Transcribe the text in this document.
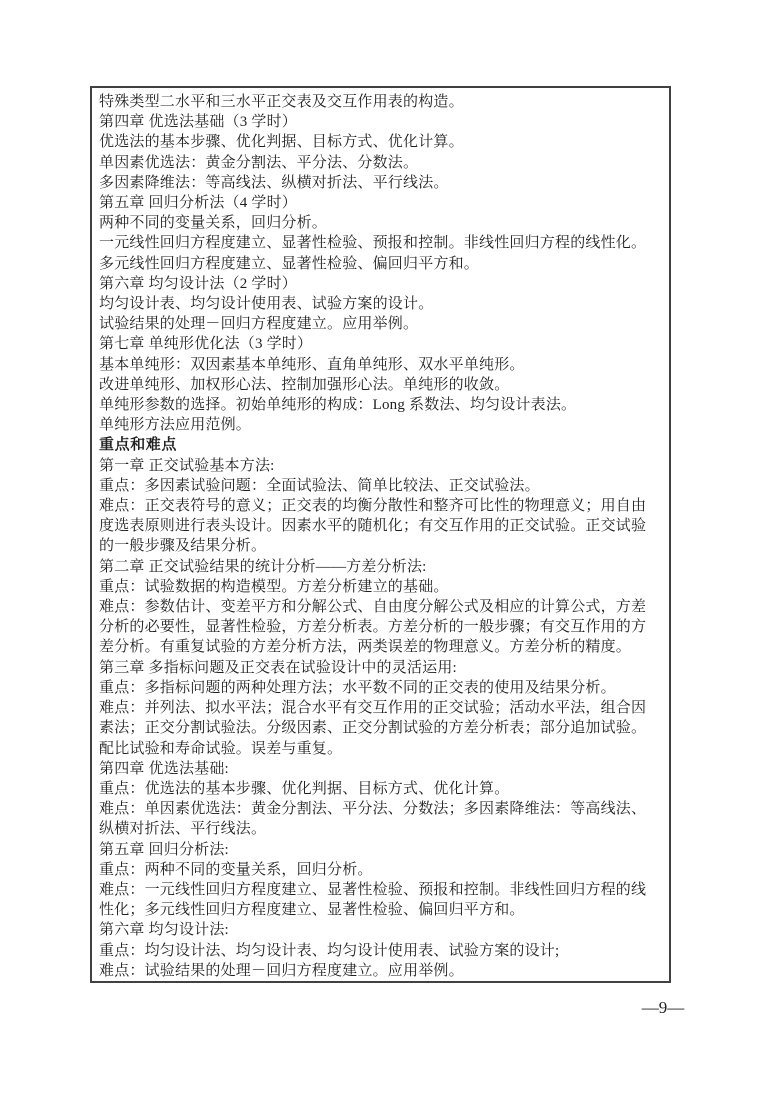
特殊类型二水平和三水平正交表及交互作用表的构造。
第四章 优选法基础（3 学时）
优选法的基本步骤、优化判据、目标方式、优化计算。
单因素优选法：黄金分割法、平分法、分数法。
多因素降维法：等高线法、纵横对折法、平行线法。
第五章 回归分析法（4 学时）
两种不同的变量关系，回归分析。
一元线性回归方程度建立、显著性检验、预报和控制。非线性回归方程的线性化。
多元线性回归方程度建立、显著性检验、偏回归平方和。
第六章 均匀设计法（2 学时）
均匀设计表、均匀设计使用表、试验方案的设计。
试验结果的处理－回归方程度建立。应用举例。
第七章 单纯形优化法（3 学时）
基本单纯形：双因素基本单纯形、直角单纯形、双水平单纯形。
改进单纯形、加权形心法、控制加强形心法。单纯形的收敛。
单纯形参数的选择。初始单纯形的构成：Long 系数法、均匀设计表法。
单纯形方法应用范例。
重点和难点
第一章 正交试验基本方法:
重点：多因素试验问题：全面试验法、简单比较法、正交试验法。
难点：正交表符号的意义；正交表的均衡分散性和整齐可比性的物理意义；用自由
度选表原则进行表头设计。因素水平的随机化；有交互作用的正交试验。正交试验
的一般步骤及结果分析。
第二章 正交试验结果的统计分析——方差分析法:
重点：试验数据的构造模型。方差分析建立的基础。
难点：参数估计、变差平方和分解公式、自由度分解公式及相应的计算公式，方差
分析的必要性，显著性检验，方差分析表。方差分析的一般步骤；有交互作用的方
差分析。有重复试验的方差分析方法，两类误差的物理意义。方差分析的精度。
第三章 多指标问题及正交表在试验设计中的灵活运用:
重点：多指标问题的两种处理方法；水平数不同的正交表的使用及结果分析。
难点：并列法、拟水平法；混合水平有交互作用的正交试验；活动水平法，组合因
素法；正交分割试验法。分级因素、正交分割试验的方差分析表；部分追加试验。
配比试验和寿命试验。误差与重复。
第四章 优选法基础:
重点：优选法的基本步骤、优化判据、目标方式、优化计算。
难点：单因素优选法：黄金分割法、平分法、分数法；多因素降维法：等高线法、
纵横对折法、平行线法。
第五章 回归分析法:
重点：两种不同的变量关系，回归分析。
难点：一元线性回归方程度建立、显著性检验、预报和控制。非线性回归方程的线
性化；多元线性回归方程度建立、显著性检验、偏回归平方和。
第六章 均匀设计法:
重点：均匀设计法、均匀设计表、均匀设计使用表、试验方案的设计;
难点：试验结果的处理－回归方程度建立。应用举例。
—9—
